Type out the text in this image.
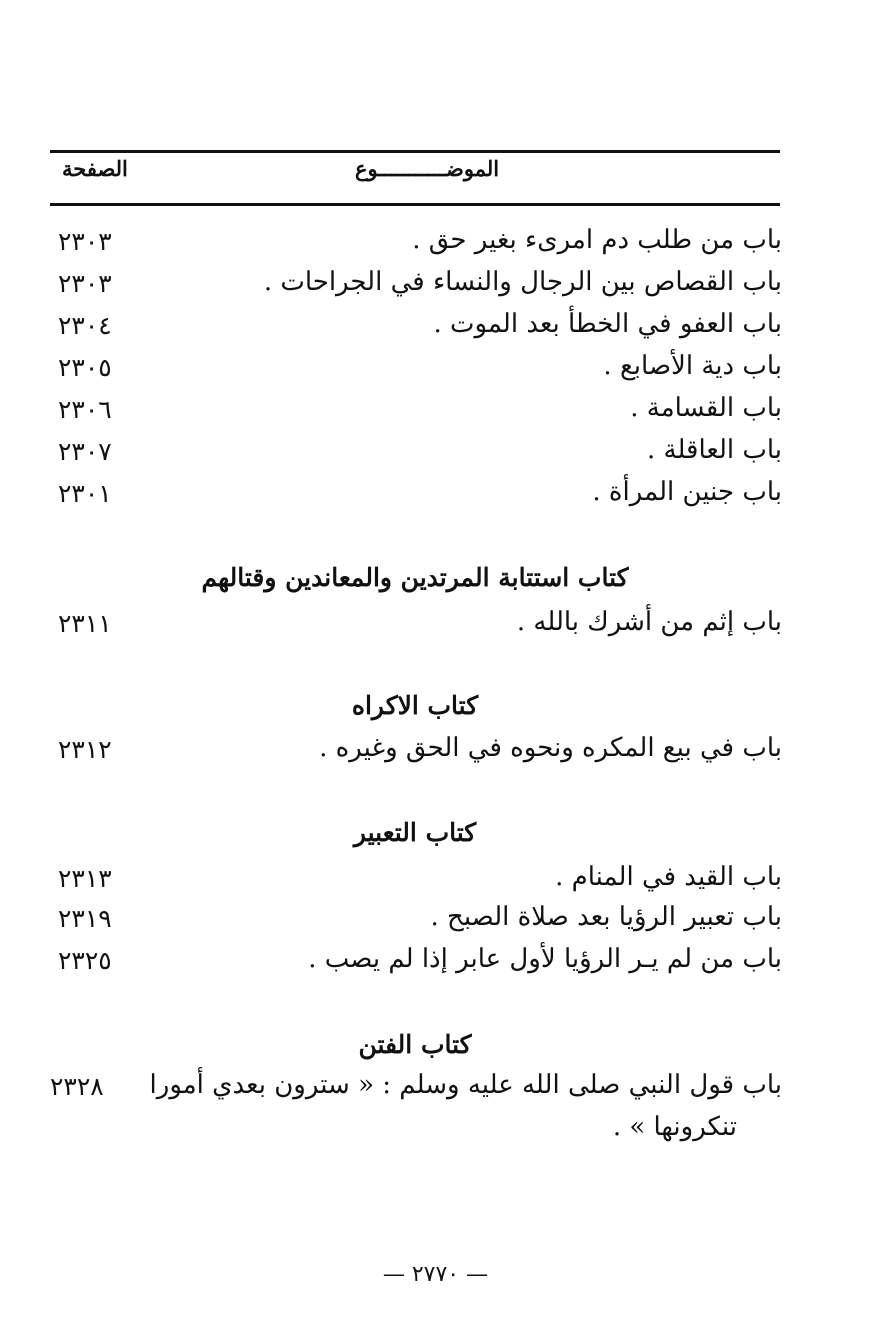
الصفحة	الموضـــــــــــوع
باب من طلب دم امرىء بغير حق .
٢٣٠٣
باب القصاص بين الرجال والنساء في الجراحات .
٢٣٠٣
باب العفو في الخطأ بعد الموت .
٢٣٠٤
باب دية الأصابع .
٢٣٠٥
باب القسامة .
٢٣٠٦
باب العاقلة .
٢٣٠٧
باب جنين المرأة .
٢٣٠١
كتاب استتابة المرتدين والمعاندين وقتالهم
باب إثم من أشرك بالله .
٢٣١١
كتاب الاكراه
باب في بيع المكره ونحوه في الحق وغيره .
٢٣١٢
كتاب التعبير
باب القيد في المنام .
٢٣١٣
باب تعبير الرؤيا بعد صلاة الصبح .
٢٣١٩
باب من لم يـر الرؤيا لأول عابر إذا لم يصب .
٢٣٢٥
كتاب الفتن
باب قول النبي صلى الله عليه وسلم : « سترون بعدي أمورا
تنكرونها » .
٢٣٢٨
— ٢٧٧٠ —
